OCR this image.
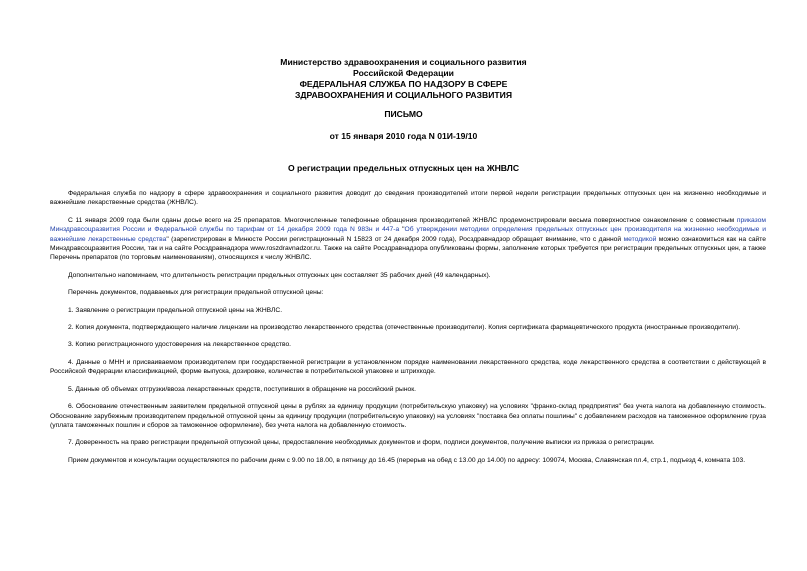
Министерство здравоохранения и социального развития
Российской Федерации
ФЕДЕРАЛЬНАЯ СЛУЖБА ПО НАДЗОРУ В СФЕРЕ
ЗДРАВООХРАНЕНИЯ И СОЦИАЛЬНОГО РАЗВИТИЯ
ПИСЬМО
от 15 января 2010 года N 01И-19/10
О регистрации предельных отпускных цен на ЖНВЛС

Федеральная служба по надзору в сфере здравоохранения и социального развития доводит до сведения производителей итоги первой недели регистрации предельных отпускных цен на жизненно необходимые и важнейшие лекарственные средства (ЖНВЛС).

С 11 января 2009 года были сданы досье всего на 25 препаратов. Многочисленные телефонные обращения производителей ЖНВЛС продемонстрировали весьма поверхностное ознакомление с совместным приказом Минздравсоцразвития России и Федеральной службы по тарифам от 14 декабря 2009 года N 983н и 447-а "Об утверждении методики определения предельных отпускных цен производителя на жизненно необходимые и важнейшие лекарственные средства" (зарегистрирован в Минюсте России регистрационный N 15823 от 24 декабря 2009 года), Росздравнадзор обращает внимание, что с данной методикой можно ознакомиться как на сайте Минздравсоцразвития России, так и на сайте Росздравнадзора www.roszdravnadzor.ru. Также на сайте Росздравнадзора опубликованы формы, заполнение которых требуется при регистрации предельных отпускных цен, а также Перечень препаратов (по торговым наименованиям), относящихся к числу ЖНВЛС.

Дополнительно напоминаем, что длительность регистрации предельных отпускных цен составляет 35 рабочих дней (49 календарных).

Перечень документов, подаваемых для регистрации предельной отпускной цены:

1. Заявление о регистрации предельной отпускной цены на ЖНВЛС.

2. Копия документа, подтверждающего наличие лицензии на производство лекарственного средства (отечественные производители). Копия сертификата фармацевтического продукта (иностранные производители).

3. Копию регистрационного удостоверения на лекарственное средство.

4. Данные о МНН и присваиваемом производителем при государственной регистрации в установленном порядке наименовании лекарственного средства, коде лекарственного средства в соответствии с действующей в Российской Федерации классификацией, форме выпуска, дозировке, количестве в потребительской упаковке и штрихкоде.

5. Данные об объемах отгрузки/ввоза лекарственных средств, поступивших в обращение на российский рынок.

6. Обоснование отечественным заявителем предельной отпускной цены в рублях за единицу продукции (потребительскую упаковку) на условиях "франко-склад предприятия" без учета налога на добавленную стоимость. Обоснование зарубежным производителем предельной отпускной цены за единицу продукции (потребительскую упаковку) на условиях "поставка без оплаты пошлины" с добавлением расходов на таможенное оформление груза (уплата таможенных пошлин и сборов за таможенное оформление), без учета налога на добавленную стоимость.

7. Доверенность на право регистрации предельной отпускной цены, предоставление необходимых документов и форм, подписи документов, получение выписки из приказа о регистрации.

Прием документов и консультации осуществляются по рабочим дням с 9.00 по 18.00, в пятницу до 16.45 (перерыв на обед с 13.00 до 14.00) по адресу: 109074, Москва, Славянская пл.4, стр.1, подъезд 4, комната 103.
